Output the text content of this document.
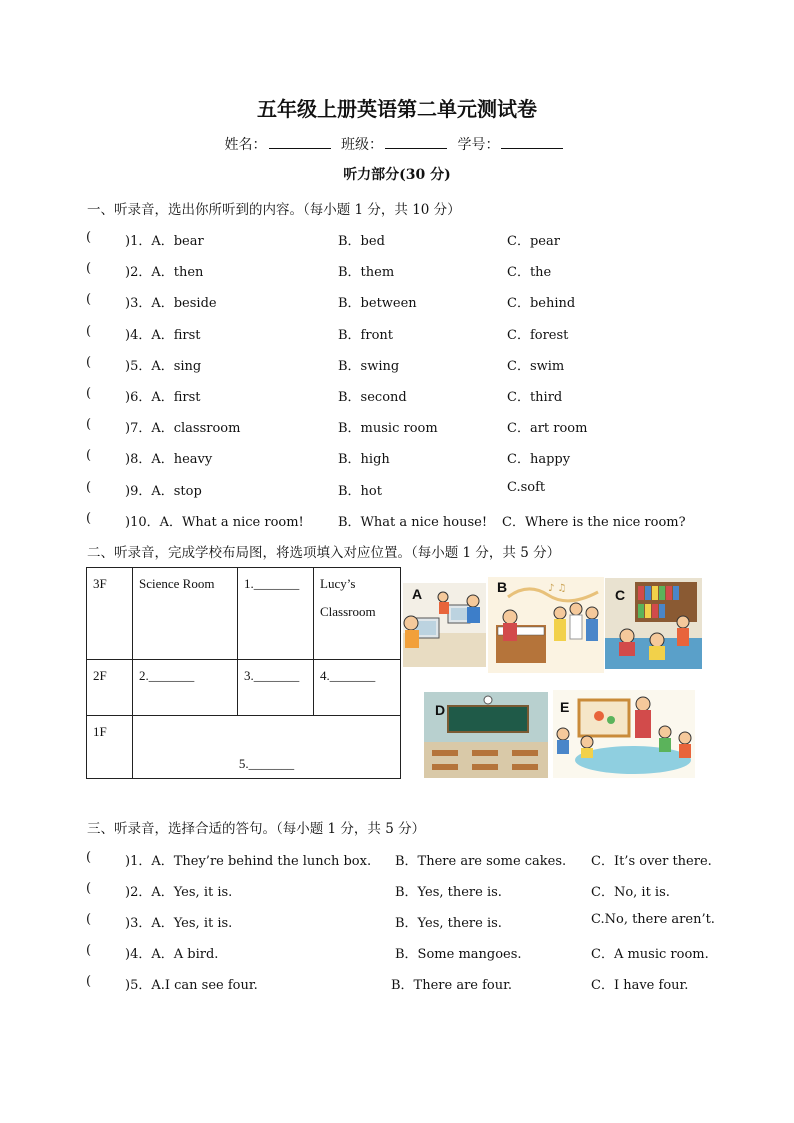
五年级上册英语第二单元测试卷
姓名：	班级：	学号：
听力部分(30 分)
一、听录音，选出你所听到的内容。（每小题 1 分，共 10 分）
(	)1．A．bear	B．bed	C．pear
(	)2．A．then	B．them	C．the
(	)3．A．beside	B．between	C．behind
(	)4．A．first	B．front	C．forest
(	)5．A．sing	B．swing	C．swim
(	)6．A．first	B．second	C．third
(	)7．A．classroom	B．music room	C．art room
(	)8．A．heavy	B．high	C．happy
(	)9．A．stop	B．hot	C.soft
(	)10．A．What a nice room!	B．What a nice house! C．Where is the nice room?
二、听录音，完成学校布局图，将选项填入对应位置。（每小题 1 分，共 5 分）
3F	Science Room	1._______	Lucy’s
Classroom

2F	2._______	3._______	4._______
1F	5._______		
A	♪ ♫
B	C
D	E
三、听录音，选择合适的答句。（每小题 1 分，共 5 分）
(	)1．A．They’re behind the lunch box. B．There are some cakes. C．It’s over there.
(	)2．A．Yes, it is.	B．Yes, there is.	C．No, it is.
(	)3．A．Yes, it is.	B．Yes, there is.	C.No, there aren’t.
(	)4．A．A bird.	B．Some mangoes.	C．A music room.
(	)5．A.I can see four.	B．There are four.	C．I have four.
